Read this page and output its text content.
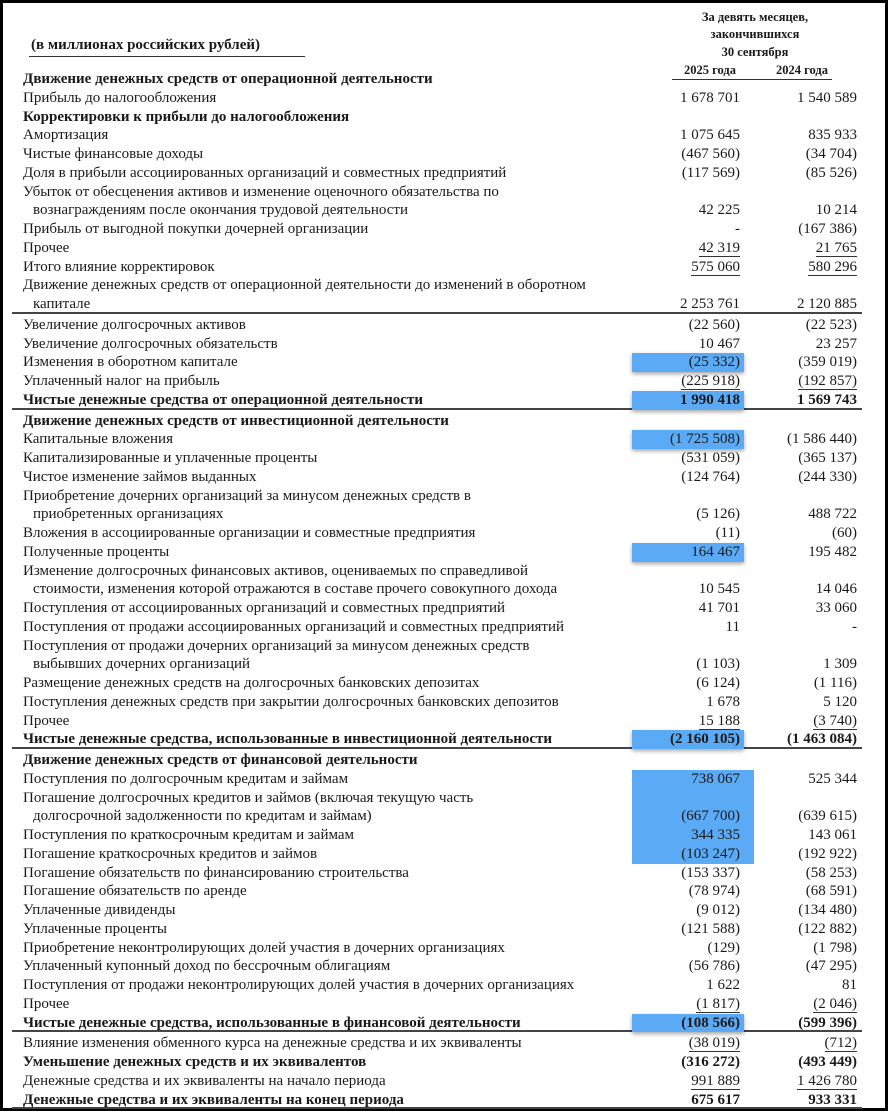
(в миллионах российских рублей)
За девять месяцев,
закончившихся
30 сентября
2025 года	2024 года
Движение денежных средств от операционной деятельности
Прибыль до налогообложения	1 678 701	1 540 589
Корректировки к прибыли до налогообложения
Амортизация	1 075 645	835 933
Чистые финансовые доходы	(467 560)	(34 704)
Доля в прибыли ассоциированных организаций и совместных предприятий	(117 569)	(85 526)
Убыток от обесценения активов и изменение оценочного обязательства по
вознаграждениям после окончания трудовой деятельности	42 225	10 214
Прибыль от выгодной покупки дочерней организации	-	(167 386)
Прочее	42 319	21 765
Итого влияние корректировок	575 060	580 296
Движение денежных средств от операционной деятельности до изменений в оборотном
капитале	2 253 761	2 120 885
Увеличение долгосрочных активов	(22 560)	(22 523)
Увеличение долгосрочных обязательств	10 467	23 257
Изменения в оборотном капитале	(25 332)	(359 019)
Уплаченный налог на прибыль	(225 918)	(192 857)
Чистые денежные средства от операционной деятельности	1 990 418	1 569 743
Движение денежных средств от инвестиционной деятельности
Капитальные вложения	(1 725 508)	(1 586 440)
Капитализированные и уплаченные проценты	(531 059)	(365 137)
Чистое изменение займов выданных	(124 764)	(244 330)
Приобретение дочерних организаций за минусом денежных средств в
приобретенных организациях	(5 126)	488 722
Вложения в ассоциированные организации и совместные предприятия	(11)	(60)
Полученные проценты	164 467	195 482
Изменение долгосрочных финансовых активов, оцениваемых по справедливой
стоимости, изменения которой отражаются в составе прочего совокупного дохода	10 545	14 046
Поступления от ассоциированных организаций и совместных предприятий	41 701	33 060
Поступления от продажи ассоциированных организаций и совместных предприятий	11	-
Поступления от продажи дочерних организаций за минусом денежных средств
выбывших дочерних организаций	(1 103)	1 309
Размещение денежных средств на долгосрочных банковских депозитах	(6 124)	(1 116)
Поступления денежных средств при закрытии долгосрочных банковских депозитов	1 678	5 120
Прочее	15 188	(3 740)
Чистые денежные средства, использованные в инвестиционной деятельности	(2 160 105)	(1 463 084)
Движение денежных средств от финансовой деятельности
Поступления по долгосрочным кредитам и займам	738 067	525 344
Погашение долгосрочных кредитов и займов (включая текущую часть
долгосрочной задолженности по кредитам и займам)	(667 700)	(639 615)
Поступления по краткосрочным кредитам и займам	344 335	143 061
Погашение краткосрочных кредитов и займов	(103 247)	(192 922)
Погашение обязательств по финансированию строительства	(153 337)	(58 253)
Погашение обязательств по аренде	(78 974)	(68 591)
Уплаченные дивиденды	(9 012)	(134 480)
Уплаченные проценты	(121 588)	(122 882)
Приобретение неконтролирующих долей участия в дочерних организациях	(129)	(1 798)
Уплаченный купонный доход по бессрочным облигациям	(56 786)	(47 295)
Поступления от продажи неконтролирующих долей участия в дочерних организациях	1 622	81
Прочее	(1 817)	(2 046)
Чистые денежные средства, использованные в финансовой деятельности	(108 566)	(599 396)
Влияние изменения обменного курса на денежные средства и их эквиваленты	(38 019)	(712)
Уменьшение денежных средств и их эквивалентов	(316 272)	(493 449)
Денежные средства и их эквиваленты на начало периода	991 889	1 426 780
Денежные средства и их эквиваленты на конец периода	675 617	933 331
